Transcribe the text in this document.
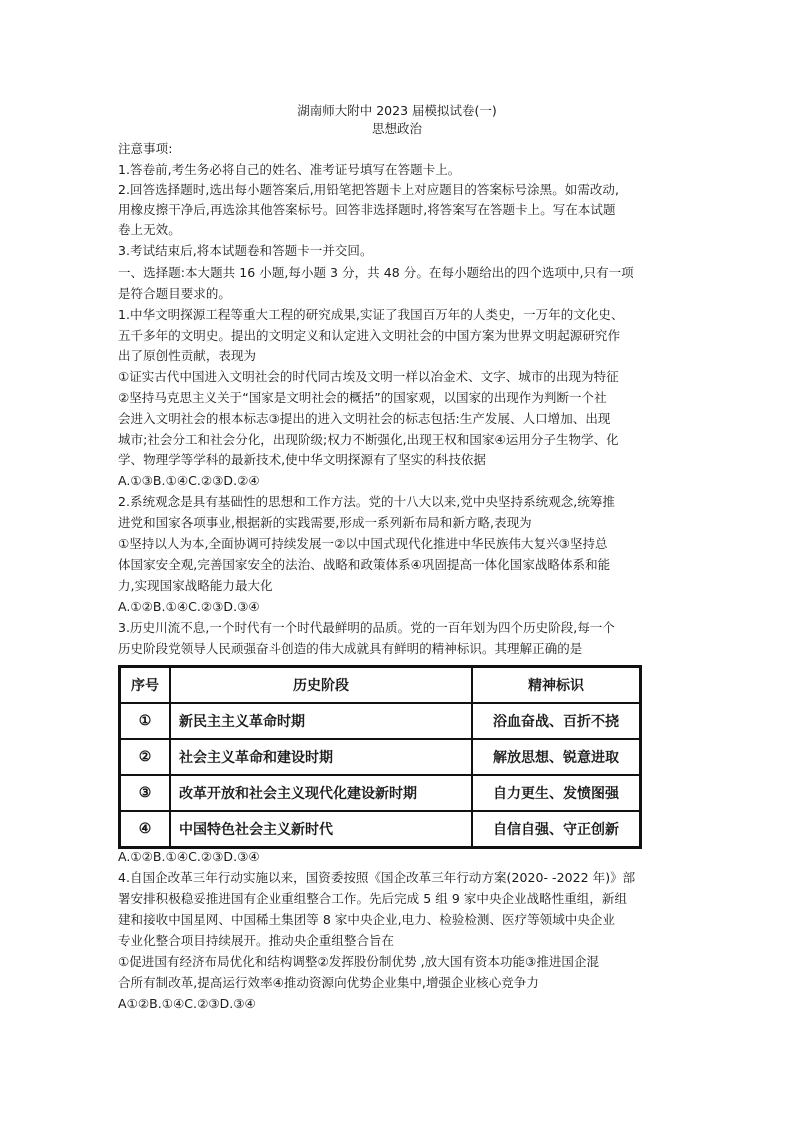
湖南师大附中 2023 届模拟试卷(一)
思想政治
注意事项:
1.答卷前,考生务必将自己的姓名、准考证号填写在答题卡上。
2.回答选择题时,选出每小题答案后,用铅笔把答题卡上对应题目的答案标号涂黑。如需改动,
用橡皮擦干净后,再选涂其他答案标号。回答非选择题时,将答案写在答题卡上。写在本试题
卷上无效。
3.考试结束后,将本试题卷和答题卡一并交回。
一、选择题:本大题共 16 小题,每小题 3 分，共 48 分。在每小题给出的四个选项中,只有一项
是符合题目要求的。
1.中华文明探源工程等重大工程的研究成果,实证了我国百万年的人类史，一万年的文化史、
五千多年的文明史。提出的文明定义和认定进入文明社会的中国方案为世界文明起源研究作
出了原创性贡献，表现为
①证实古代中国进入文明社会的时代同古埃及文明一样以冶金术、文字、城市的出现为特征
②坚持马克思主义关于“国家是文明社会的概括”的国家观，以国家的出现作为判断一个社
会进入文明社会的根本标志③提出的进入文明社会的标志包括:生产发展、人口增加、出现
城市;社会分工和社会分化，出现阶级;权力不断强化,出现王权和国家④运用分子生物学、化
学、物理学等学科的最新技术,使中华文明探源有了坚实的科技依据
A.①③B.①④C.②③D.②④
2.系统观念是具有基础性的思想和工作方法。党的十八大以来,党中央坚持系统观念,统筹推
进党和国家各项事业,根据新的实践需要,形成一系列新布局和新方略,表现为
①坚持以人为本,全面协调可持续发展一②以中国式现代化推进中华民族伟大复兴③坚持总
体国家安全观,完善国家安全的法治、战略和政策体系④巩固提高一体化国家战略体系和能
力,实现国家战略能力最大化
A.①②B.①④C.②③D.③④
3.历史川流不息,一个时代有一个时代最鲜明的品质。党的一百年划为四个历史阶段,每一个
历史阶段党领导人民顽强奋斗创造的伟大成就具有鲜明的精神标识。其理解正确的是
序号	历史阶段	精神标识
①	新民主主义革命时期	浴血奋战、百折不挠
②	社会主义革命和建设时期	解放思想、锐意进取
③	改革开放和社会主义现代化建设新时期	自力更生、发愤图强
④	中国特色社会主义新时代	自信自强、守正创新
A.①②B.①④C.②③D.③④
4.自国企改革三年行动实施以来，国资委按照《国企改革三年行动方案(2020- -2022 年)》部
署安排积极稳妥推进国有企业重组整合工作。先后完成 5 组 9 家中央企业战略性重组，新组
建和接收中国星网、中国稀土集团等 8 家中央企业,电力、检验检测、医疗等领域中央企业
专业化整合项目持续展开。推动央企重组整合旨在
①促进国有经济布局优化和结构调整②发挥股份制优势 ,放大国有资本功能③推进国企混
合所有制改革,提高运行效率④推动资源向优势企业集中,增强企业核心竞争力
A①②B.①④C.②③D.③④
